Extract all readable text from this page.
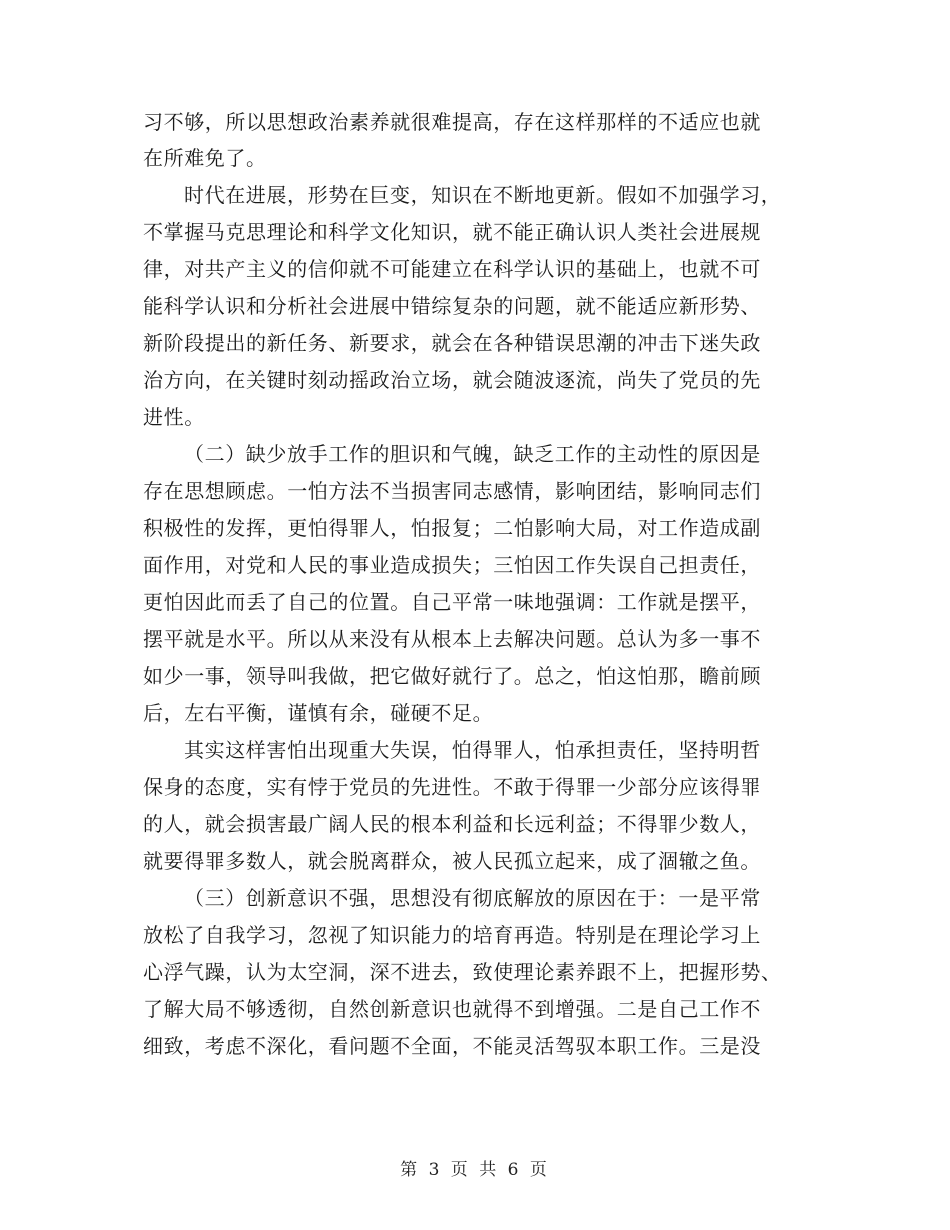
习不够，所以思想政治素养就很难提高，存在这样那样的不适应也就
在所难免了。
时代在进展，形势在巨变，知识在不断地更新。假如不加强学习，
不掌握马克思理论和科学文化知识，就不能正确认识人类社会进展规
律，对共产主义的信仰就不可能建立在科学认识的基础上，也就不可
能科学认识和分析社会进展中错综复杂的问题，就不能适应新形势、
新阶段提出的新任务、新要求，就会在各种错误思潮的冲击下迷失政
治方向，在关键时刻动摇政治立场，就会随波逐流，尚失了党员的先
进性。
（二）缺少放手工作的胆识和气魄，缺乏工作的主动性的原因是
存在思想顾虑。一怕方法不当损害同志感情，影响团结，影响同志们
积极性的发挥，更怕得罪人，怕报复；二怕影响大局，对工作造成副
面作用，对党和人民的事业造成损失；三怕因工作失误自己担责任，
更怕因此而丢了自己的位置。自己平常一味地强调：工作就是摆平，
摆平就是水平。所以从来没有从根本上去解决问题。总认为多一事不
如少一事，领导叫我做，把它做好就行了。总之，怕这怕那，瞻前顾
后，左右平衡，谨慎有余，碰硬不足。
其实这样害怕出现重大失误，怕得罪人，怕承担责任，坚持明哲
保身的态度，实有悖于党员的先进性。不敢于得罪一少部分应该得罪
的人，就会损害最广阔人民的根本利益和长远利益；不得罪少数人，
就要得罪多数人，就会脱离群众，被人民孤立起来，成了涸辙之鱼。
（三）创新意识不强，思想没有彻底解放的原因在于：一是平常
放松了自我学习，忽视了知识能力的培育再造。特别是在理论学习上
心浮气躁，认为太空洞，深不进去，致使理论素养跟不上，把握形势、
了解大局不够透彻，自然创新意识也就得不到增强。二是自己工作不
细致，考虑不深化，看问题不全面，不能灵活驾驭本职工作。三是没
第 3 页 共 6 页
